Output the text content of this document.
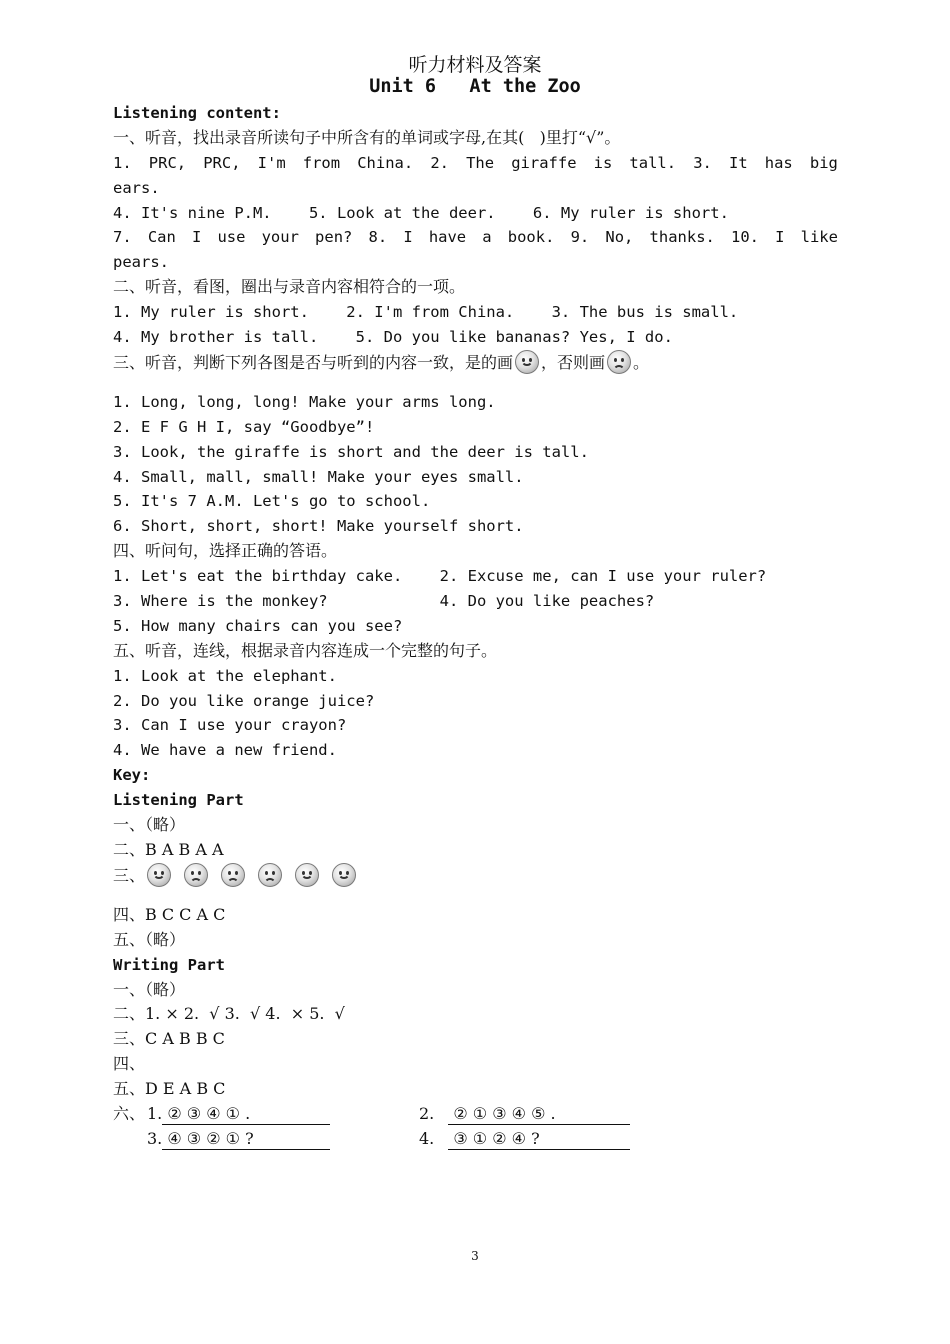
听力材料及答案
Unit 6   At the Zoo
Listening content:
一、听音，找出录音所读句子中所含有的单词或字母,在其(   )里打“√”。
1. PRC, PRC, I'm from China. 2. The giraffe is tall. 3. It has big
ears.
4. It's nine P.M.    5. Look at the deer.    6. My ruler is short.
7. Can I use your pen? 8. I have a book. 9. No, thanks. 10. I like
pears.
二、听音，看图，圈出与录音内容相符合的一项。
1. My ruler is short.    2. I'm from China.    3. The bus is small.
4. My brother is tall.    5. Do you like bananas? Yes, I do.
三、听音，判断下列各图是否与听到的内容一致，是的画 ，否则画 。
1. Long, long, long! Make your arms long.
2. E F G H I, say “Goodbye”!
3. Look, the giraffe is short and the deer is tall.
4. Small, mall, small! Make your eyes small.
5. It's 7 A.M. Let's go to school.
6. Short, short, short! Make yourself short.
四、听问句，选择正确的答语。
1. Let's eat the birthday cake.    2. Excuse me, can I use your ruler?
3. Where is the monkey?            4. Do you like peaches?
5. How many chairs can you see?
五、听音，连线，根据录音内容连成一个完整的句子。
1. Look at the elephant.
2. Do you like orange juice?
3. Can I use your crayon?
4. We have a new friend.
Key:
Listening Part
一、（略）
二、B A B A A
三、
四、B C C A C
五、（略）
Writing Part
一、（略）
二、1. × 2.  √ 3.  √ 4.  × 5.  √
三、C A B B C
四、
五、D E A B C
六、 1. ② ③ ④ ① .	2. ② ① ③ ④ ⑤ .
3. ④ ③ ② ① ?	4. ③ ① ② ④ ?
3
